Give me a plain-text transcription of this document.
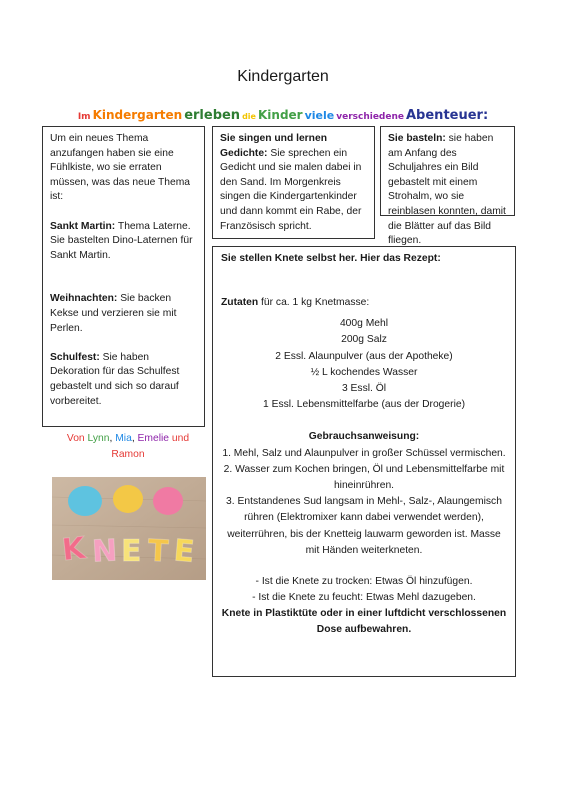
Kindergarten
Im Kindergarten erleben die Kinder viele verschiedene Abenteuer:

Um ein neues Thema anzufangen haben sie eine Fühlkiste, wo sie erraten müssen, was das neue Thema ist:

Sankt Martin: Thema Laterne.

Sie bastelten Dino-Laternen für Sankt Martin.

Weihnachten: Sie backen Kekse und verzieren sie mit Perlen.

Schulfest: Sie haben Dekoration für das Schulfest gebastelt und sich so darauf vorbereitet.

Sie singen und lernen Gedichte: Sie sprechen ein Gedicht und sie malen dabei in den Sand. Im Morgenkreis singen die Kindergartenkinder und dann kommt ein Rabe, der Französisch spricht.

Sie basteln: sie haben am Anfang des Schuljahres ein Bild gebastelt mit einem Strohalm, wo sie reinblasen konnten, damit die Blätter auf das Bild fliegen.

Sie stellen Knete selbst her. Hier das Rezept:

Zutaten für ca. 1 kg Knetmasse:

400g Mehl

200g Salz

2 Essl. Alaunpulver (aus der Apotheke)

½ L kochendes Wasser

3 Essl. Öl

1 Essl. Lebensmittelfarbe (aus der Drogerie)

Gebrauchsanweisung:

1. Mehl, Salz und Alaunpulver in großer Schüssel vermischen.

2. Wasser zum Kochen bringen, Öl und Lebensmittelfarbe mit hineinrühren.

3. Entstandenes Sud langsam in Mehl-, Salz-, Alaungemisch rühren (Elektromixer kann dabei verwendet werden), weiterrühren, bis der Knetteig lauwarm geworden ist. Masse mit Händen weiterkneten.

- Ist die Knete zu trocken: Etwas Öl hinzufügen.

- Ist die Knete zu feucht: Etwas Mehl dazugeben.

Knete in Plastiktüte oder in einer luftdicht verschlossenen Dose aufbewahren.

Von Lynn, Mia, Emelie und
Ramon
K N E T E
